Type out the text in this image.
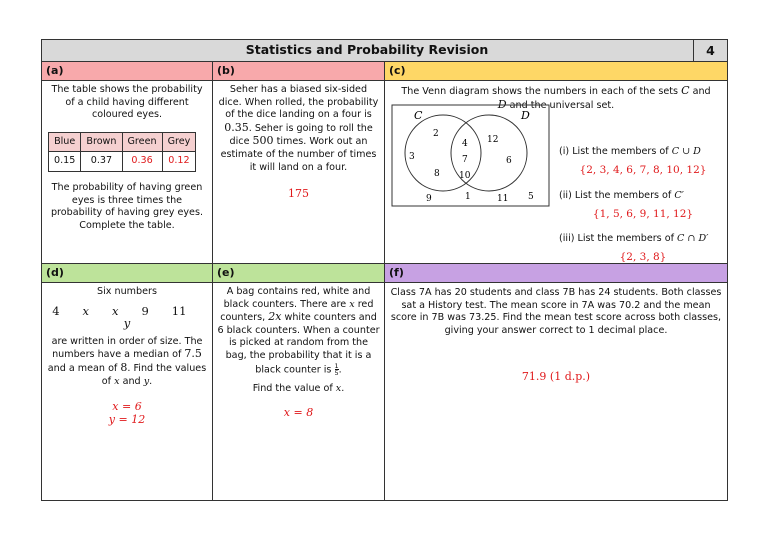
Statistics and Probability Revision	4
(a)
The table shows the probability of a child having different coloured eyes.
Blue	Brown	Green	Grey
0.15	0.37	0.36	0.12
The probability of having green eyes is three times the probability of having grey eyes. Complete the table.
(b)
Seher has a biased six-sided dice. When rolled, the probability of the dice landing on a four is 0.35. Seher is going to roll the dice 500 times. Work out an estimate of the number of times it will land on a four.
175
(c)
The Venn diagram shows the numbers in each of the sets C and
D and the universal set.
C	D
2
3
8
4
7
10
12
6
9	1	11 5
(i) List the members of C ∪ D
{2, 3, 4, 6, 7, 8, 10, 12}
(ii) List the members of C′
{1, 5, 6, 9, 11, 12}
(iii) List the members of C ∩ D′
{2, 3, 8}
(d)
Six numbers
4 x x 9 11   y
are written in order of size. The numbers have a median of 7.5 and a mean of 8. Find the values of x and y.
x = 6
y = 12
(e)
A bag contains red, white and black counters. There are x red counters, 2x white counters and 6 black counters. When a counter is picked at random from the bag, the probability that it is a black counter is $\frac{1}{5}$ .
Find the value of x.
x = 8
(f)
Class 7A has 20 students and class 7B has 24 students. Both classes sat a History test. The mean score in 7A was 70.2 and the mean score in 7B was 73.25. Find the mean test score across both classes, giving your answer correct to 1 decimal place.
71.9 (1 d.p.)
